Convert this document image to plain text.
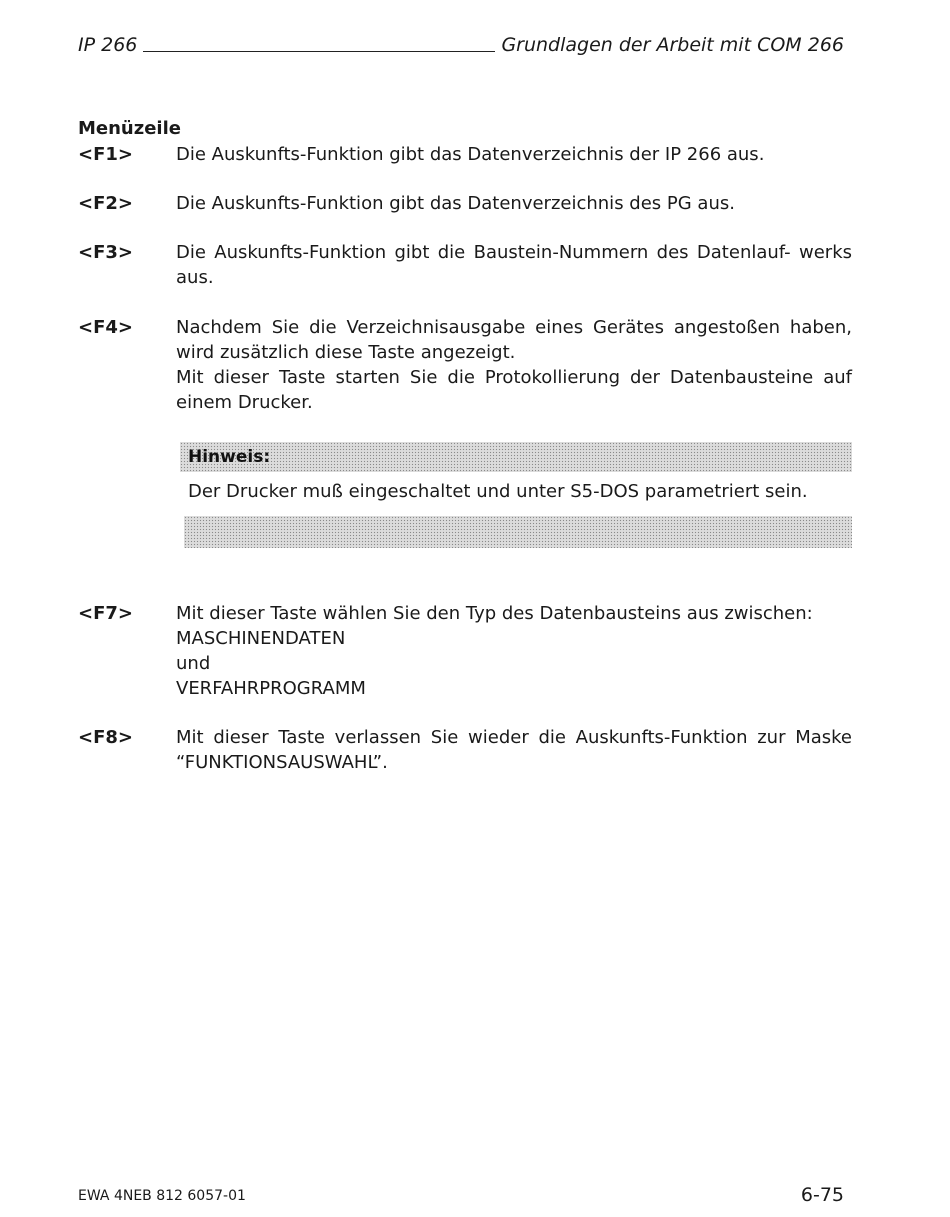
IP 266	Grundlagen der Arbeit mit COM 266
Menüzeile
<F1> Die Auskunfts-Funktion gibt das Datenverzeichnis der IP 266 aus.

<F2> Die Auskunfts-Funktion gibt das Datenverzeichnis des PG aus.

<F3> Die Auskunfts-Funktion gibt die Baustein-Nummern des Datenlauf- werks aus.

<F4> Nachdem Sie die Verzeichnisausgabe eines Gerätes angestoßen haben, wird zusätzlich diese Taste angezeigt.

Mit dieser Taste starten Sie die Protokollierung der Datenbausteine auf einem Drucker.

Hinweis:
Der Drucker muß eingeschaltet und unter S5-DOS parametriert sein.
<F7> Mit dieser Taste wählen Sie den Typ des Datenbausteins aus zwischen:

MASCHINENDATEN

und

VERFAHRPROGRAMM

<F8> Mit dieser Taste verlassen Sie wieder die Auskunfts-Funktion zur Maske “FUNKTIONSAUSWAHL”.

EWA 4NEB 812 6057-01	6-75
